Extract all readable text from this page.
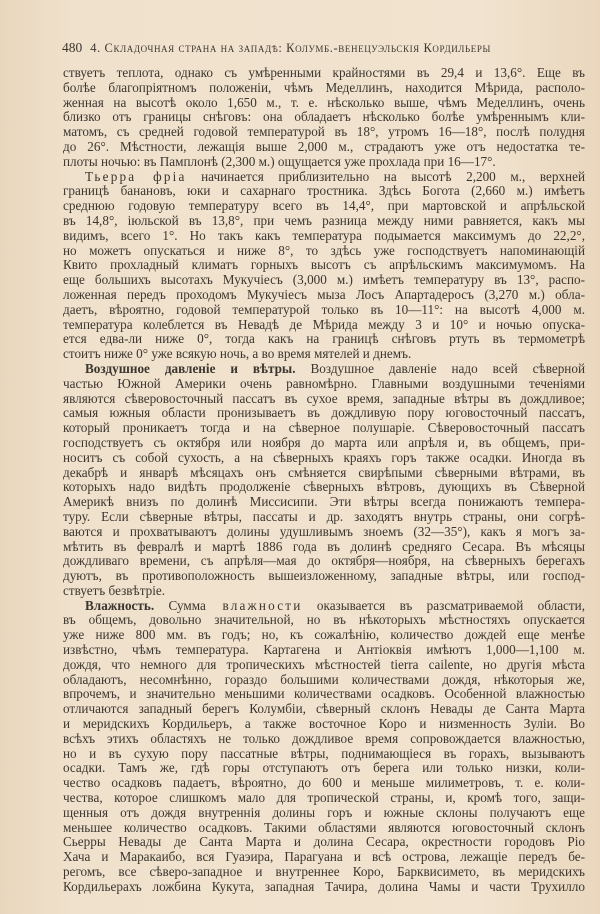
480 4. Складочная страна на западѣ: Колумб.-венецуэльскія Кордильеры
ствуетъ теплота, однако съ умѣренными крайностями въ 29,4 и 13,6°. Еще въ
болѣе благопріятномъ положеніи, чѣмъ Меделлинъ, находится Мѣрида, располо-
женная на высотѣ около 1,650 м., т. е. нѣсколько выше, чѣмъ Меделлинъ, очень
близко отъ границы снѣговъ: она обладаетъ нѣсколько болѣе умѣреннымъ кли-
матомъ, съ средней годовой температурой въ 18°, утромъ 16—18°, послѣ полудня
до 26°. Мѣстности, лежащія выше 2,000 м., страдаютъ уже отъ недостатка те-
плоты ночью: въ Памплонѣ (2,300 м.) ощущается уже прохлада при 16—17°.
Тьерра фріа начинается приблизительно на высотѣ 2,200 м., верхней
границѣ банановъ, юки и сахарнаго тростника. Здѣсь Богота (2,660 м.) имѣетъ
среднюю годовую температуру всего въ 14,4°, при мартовской и апрѣльской
въ 14,8°, іюльской въ 13,8°, при чемъ разница между ними равняется, какъ мы
видимъ, всего 1°. Но такъ какъ температура подымается максимумъ до 22,2°,
но можетъ опускаться и ниже 8°, то здѣсь уже господствуетъ напоминающій
Квито прохладный климатъ горныхъ высотъ съ апрѣльскимъ максимумомъ. На
еще большихъ высотахъ Мукучіесъ (3,000 м.) имѣетъ температуру въ 13°, распо-
ложенная передъ проходомъ Мукучіесъ мыза Лосъ Апартадеросъ (3,270 м.) обла-
даетъ, вѣроятно, годовой температурой только въ 10—11°: на высотѣ 4,000 м.
температура колеблется въ Невадѣ де Мѣрида между 3 и 10° и ночью опуска-
ется едва-ли ниже 0°, тогда какъ на границѣ снѣговъ ртуть въ термометрѣ
стоитъ ниже 0° уже всякую ночь, а во время мятелей и днемъ.
Воздушное давленіе и вѣтры. Воздушное давленіе надо всей сѣверной
частью Южной Америки очень равномѣрно. Главными воздушными теченіями
являются сѣверовосточный пассатъ въ сухое время, западные вѣтры въ дождливое;
самыя южныя области пронизываетъ въ дождливую пору юговосточный пассатъ,
который проникаетъ тогда и на сѣверное полушаріе. Сѣверовосточный пассатъ
господствуетъ съ октября или ноября до марта или апрѣля и, въ общемъ, при-
носитъ съ собой сухость, а на сѣверныхъ краяхъ горъ также осадки. Иногда въ
декабрѣ и январѣ мѣсяцахъ онъ смѣняется свирѣпыми сѣверными вѣтрами, въ
которыхъ надо видѣть продолженіе сѣверныхъ вѣтровъ, дующихъ въ Сѣверной
Америкѣ внизъ по долинѣ Миссисипи. Эти вѣтры всегда понижаютъ темпера-
туру. Если сѣверные вѣтры, пассаты и др. заходятъ внутрь страны, они согрѣ-
ваются и прохватываютъ долины удушливымъ зноемъ (32—35°), какъ я могъ за-
мѣтить въ февралѣ и мартѣ 1886 года въ долинѣ средняго Сесара. Въ мѣсяцы
дождливаго времени, съ апрѣля—мая до октября—ноября, на сѣверныхъ берегахъ
дуютъ, въ противоположность вышеизложенному, западные вѣтры, или господ-
ствуетъ безвѣтріе.
Влажность. Сумма влажности оказывается въ разсматриваемой области,
въ общемъ, довольно значительной, но въ нѣкоторыхъ мѣстностяхъ опускается
уже ниже 800 мм. въ годъ; но, къ сожалѣнію, количество дождей еще менѣе
извѣстно, чѣмъ температура. Картагена и Антіоквія имѣютъ 1,000—1,100 м.
дождя, что немного для тропическихъ мѣстностей tierra cailente, но другія мѣста
обладаютъ, несомнѣнно, гораздо большими количествами дождя, нѣкоторыя же,
впрочемъ, и значительно меньшими количествами осадковъ. Особенной влажностью
отличаются западный берегъ Колумбіи, сѣверный склонъ Невады де Санта Марта
и меридскихъ Кордильеръ, а также восточное Коро и низменность Зуліи. Во
всѣхъ этихъ областяхъ не только дождливое время сопровождается влажностью,
но и въ сухую пору пассатные вѣтры, поднимающіеся въ горахъ, вызываютъ
осадки. Тамъ же, гдѣ горы отступаютъ отъ берега или только низки, коли-
чество осадковъ падаетъ, вѣроятно, до 600 и меньше милиметровъ, т. е. коли-
чества, которое слишкомъ мало для тропической страны, и, кромѣ того, защи-
щенныя отъ дождя внутреннія долины горъ и южные склоны получаютъ еще
меньшее количество осадковъ. Такими областями являются юговосточный склонъ
Сьерры Невады де Санта Марта и долина Сесара, окрестности городовъ Ріо
Хача и Маракаибо, вся Гуаэира, Парагуана и всѣ острова, лежащіе передъ бе-
регомъ, все сѣверо-западное и внутреннее Коро, Барквисимето, въ меридскихъ
Кордильерахъ ложбина Кукута, западная Тачира, долина Чамы и части Трухилло
